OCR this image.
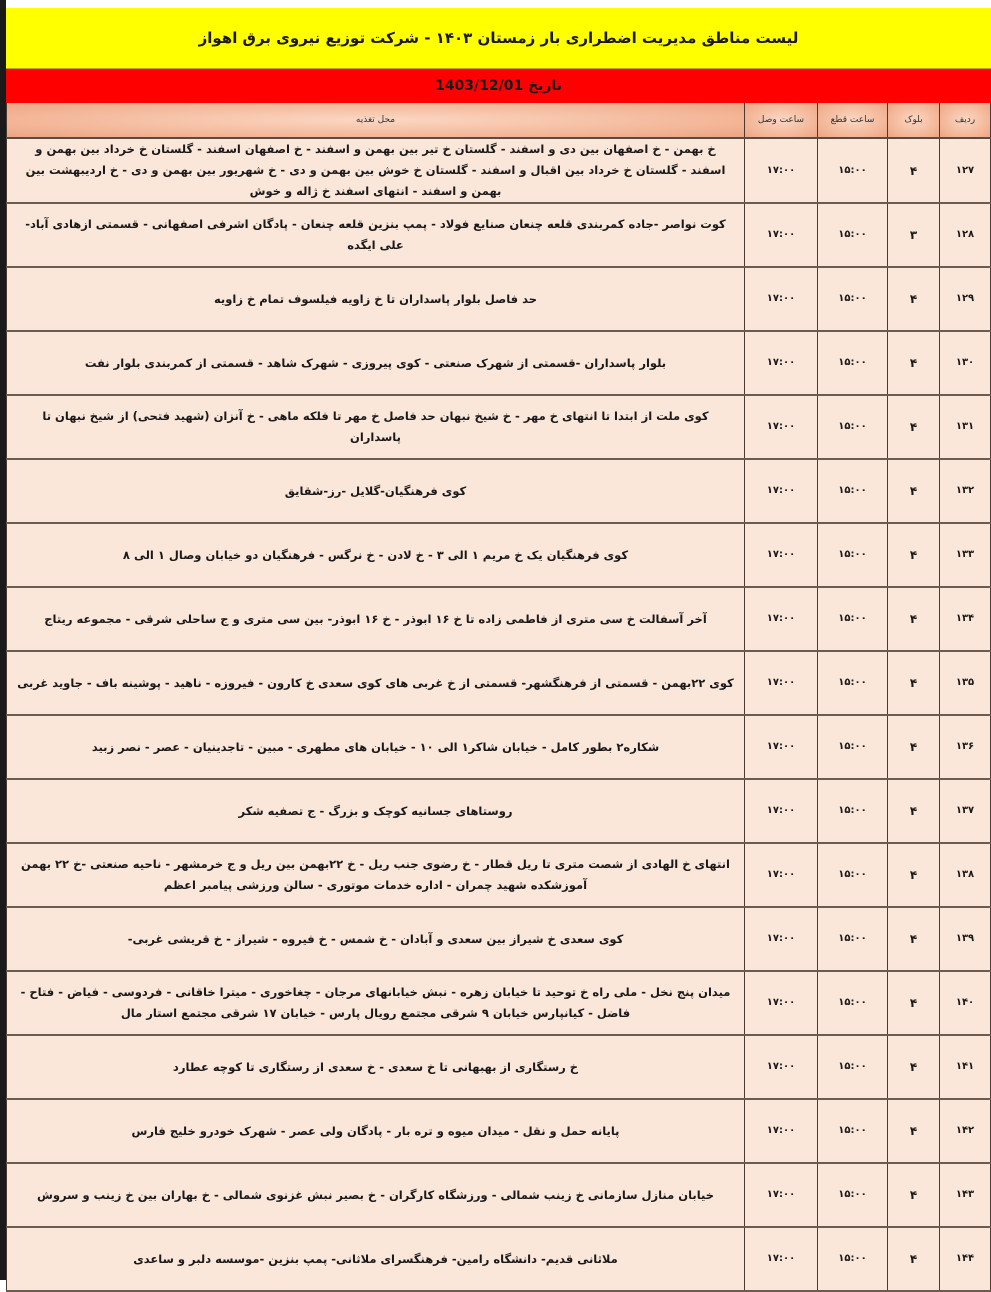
لیست مناطق مدیریت اضطراری بار زمستان ۱۴۰۳ - شرکت توزیع نیروی برق اهواز
تاریخ 1403/12/01
ردیف	بلوک	ساعت قطع	ساعت وصل	محل تغذیه
۱۲۷	۴	۱۵:۰۰	۱۷:۰۰	خ بهمن - خ اصفهان بین دی و اسفند - گلستان خ تیر بین بهمن و اسفند - خ اصفهان اسفند - گلستان خ خرداد بین بهمن و اسفند - گلستان خ خرداد بین اقبال و اسفند - گلستان خ خوش بین بهمن و دی - خ شهریور بین بهمن و دی - خ اردیبهشت بین بهمن و اسفند - انتهای اسفند خ ژاله و خوش
۱۲۸	۳	۱۵:۰۰	۱۷:۰۰	کوت نواصر -جاده کمربندی قلعه چنعان صنایع فولاد - پمپ بنزین قلعه چنعان - پادگان اشرفی اصفهانی - قسمتی ازهادی آباد- علی ایگده
۱۲۹	۴	۱۵:۰۰	۱۷:۰۰	حد فاصل بلوار پاسداران تا خ زاویه فیلسوف تمام خ زاویه
۱۳۰	۴	۱۵:۰۰	۱۷:۰۰	بلوار پاسداران -قسمتی از شهرک صنعتی - کوی پیروزی - شهرک شاهد - قسمتی از کمربندی بلوار نفت
۱۳۱	۴	۱۵:۰۰	۱۷:۰۰	کوی ملت از ابتدا تا انتهای خ مهر - خ شیخ نبهان حد فاصل خ مهر تا فلکه ماهی - خ آنزان (شهید فتحی) از شیخ نبهان تا پاسداران
۱۳۲	۴	۱۵:۰۰	۱۷:۰۰	کوی فرهنگیان-گلایل -رز-شقایق
۱۳۳	۴	۱۵:۰۰	۱۷:۰۰	کوی فرهنگیان یک خ مریم ۱ الی ۳ - خ لادن - خ نرگس - فرهنگیان دو خیابان وصال ۱ الی ۸
۱۳۴	۴	۱۵:۰۰	۱۷:۰۰	آخر آسفالت خ سی متری از فاطمی زاده تا خ ۱۶ ابوذر - خ ۱۶ ابوذر- بین سی متری و ج ساحلی شرقی - مجموعه ریتاج
۱۳۵	۴	۱۵:۰۰	۱۷:۰۰	کوی ۲۲بهمن - قسمتی از فرهنگشهر- قسمتی از خ غربی های کوی سعدی خ کارون - فیروزه - ناهید - پوشینه باف - جاوید غربی
۱۳۶	۴	۱۵:۰۰	۱۷:۰۰	شکاره۲ بطور کامل - خیابان شاکر۱ الی ۱۰ - خیابان های مطهری - مبین - تاجدینیان - عصر - نصر زبید
۱۳۷	۴	۱۵:۰۰	۱۷:۰۰	روستاهای جسانیه کوچک و بزرگ - ج تصفیه شکر
۱۳۸	۴	۱۵:۰۰	۱۷:۰۰	انتهای خ الهادی از شصت متری تا ریل قطار - خ رضوی جنب ریل - خ ۲۲بهمن بین ریل و ج خرمشهر - ناحیه صنعتی -خ ۲۲ بهمن آموزشکده شهید چمران - اداره خدمات موتوری - سالن ورزشی پیامبر اعظم
۱۳۹	۴	۱۵:۰۰	۱۷:۰۰	کوی سعدی خ شیراز بین سعدی و آبادان - خ شمس - خ فیروه - شیراز - خ قریشی غربی-
۱۴۰	۴	۱۵:۰۰	۱۷:۰۰	میدان پنج نخل - ملی راه خ توحید تا خیابان زهره - نبش خیابانهای مرجان - چغاخوری - میترا خاقانی - فردوسی - فیاض - فتاح - فاضل - کیانپارس خیابان ۹ شرقی مجتمع رویال پارس - خیابان ۱۷ شرقی مجتمع استار مال
۱۴۱	۴	۱۵:۰۰	۱۷:۰۰	خ رستگاری از بهبهانی تا خ سعدی - خ سعدی از رستگاری تا کوچه عطارد
۱۴۲	۴	۱۵:۰۰	۱۷:۰۰	پایانه حمل و نقل - میدان میوه و تره بار - پادگان ولی عصر - شهرک خودرو خلیج فارس
۱۴۳	۴	۱۵:۰۰	۱۷:۰۰	خیابان منازل سازمانی خ زینب شمالی - ورزشگاه کارگران - خ بصیر نبش غزنوی شمالی - خ بهاران بین خ زینب و سروش
۱۴۴	۴	۱۵:۰۰	۱۷:۰۰	ملاثانی قدیم- دانشگاه رامین- فرهنگسرای ملاثانی- پمپ بنزین -موسسه دلبر و ساعدی
